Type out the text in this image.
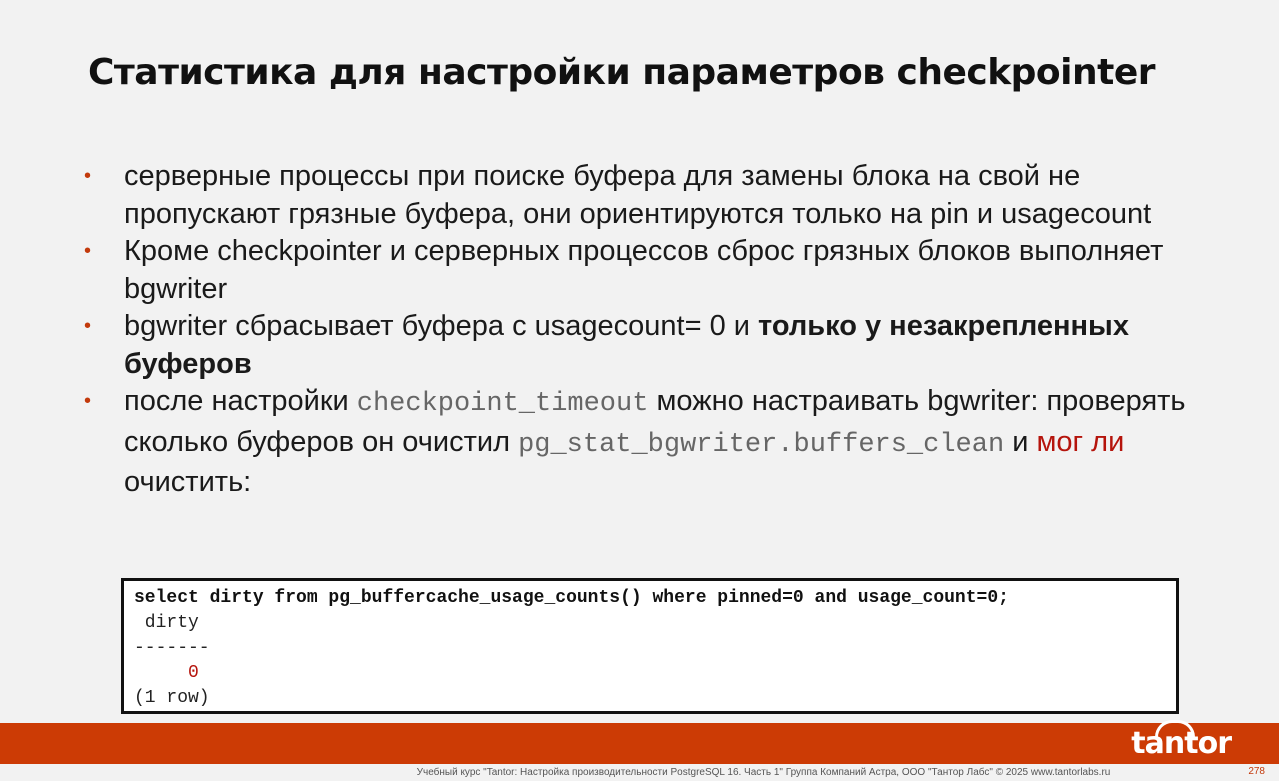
Статистика для настройки параметров checkpointer
• серверные процессы при поиске буфера для замены блока на свой не пропускают грязные буфера, они ориентируются только на pin и usagecount
• Кроме checkpointer и серверных процессов сброс грязных блоков выполняет bgwriter
• bgwriter сбрасывает буфера с usagecount= 0 и только у незакрепленных буферов
• после настройки checkpoint_timeout можно настраивать bgwriter: проверять сколько буферов он очистил pg_stat_bgwriter.buffers_clean и мог ли очистить:
select dirty from pg_buffercache_usage_counts() where pinned=0 and usage_count=0;
dirty
-------
0
(1 row)
tantor
Учебный курс "Tantor: Настройка производительности PostgreSQL 16. Часть 1" Группа Компаний Астра, ООО "Тантор Лабс" © 2025 www.tantorlabs.ru	278
